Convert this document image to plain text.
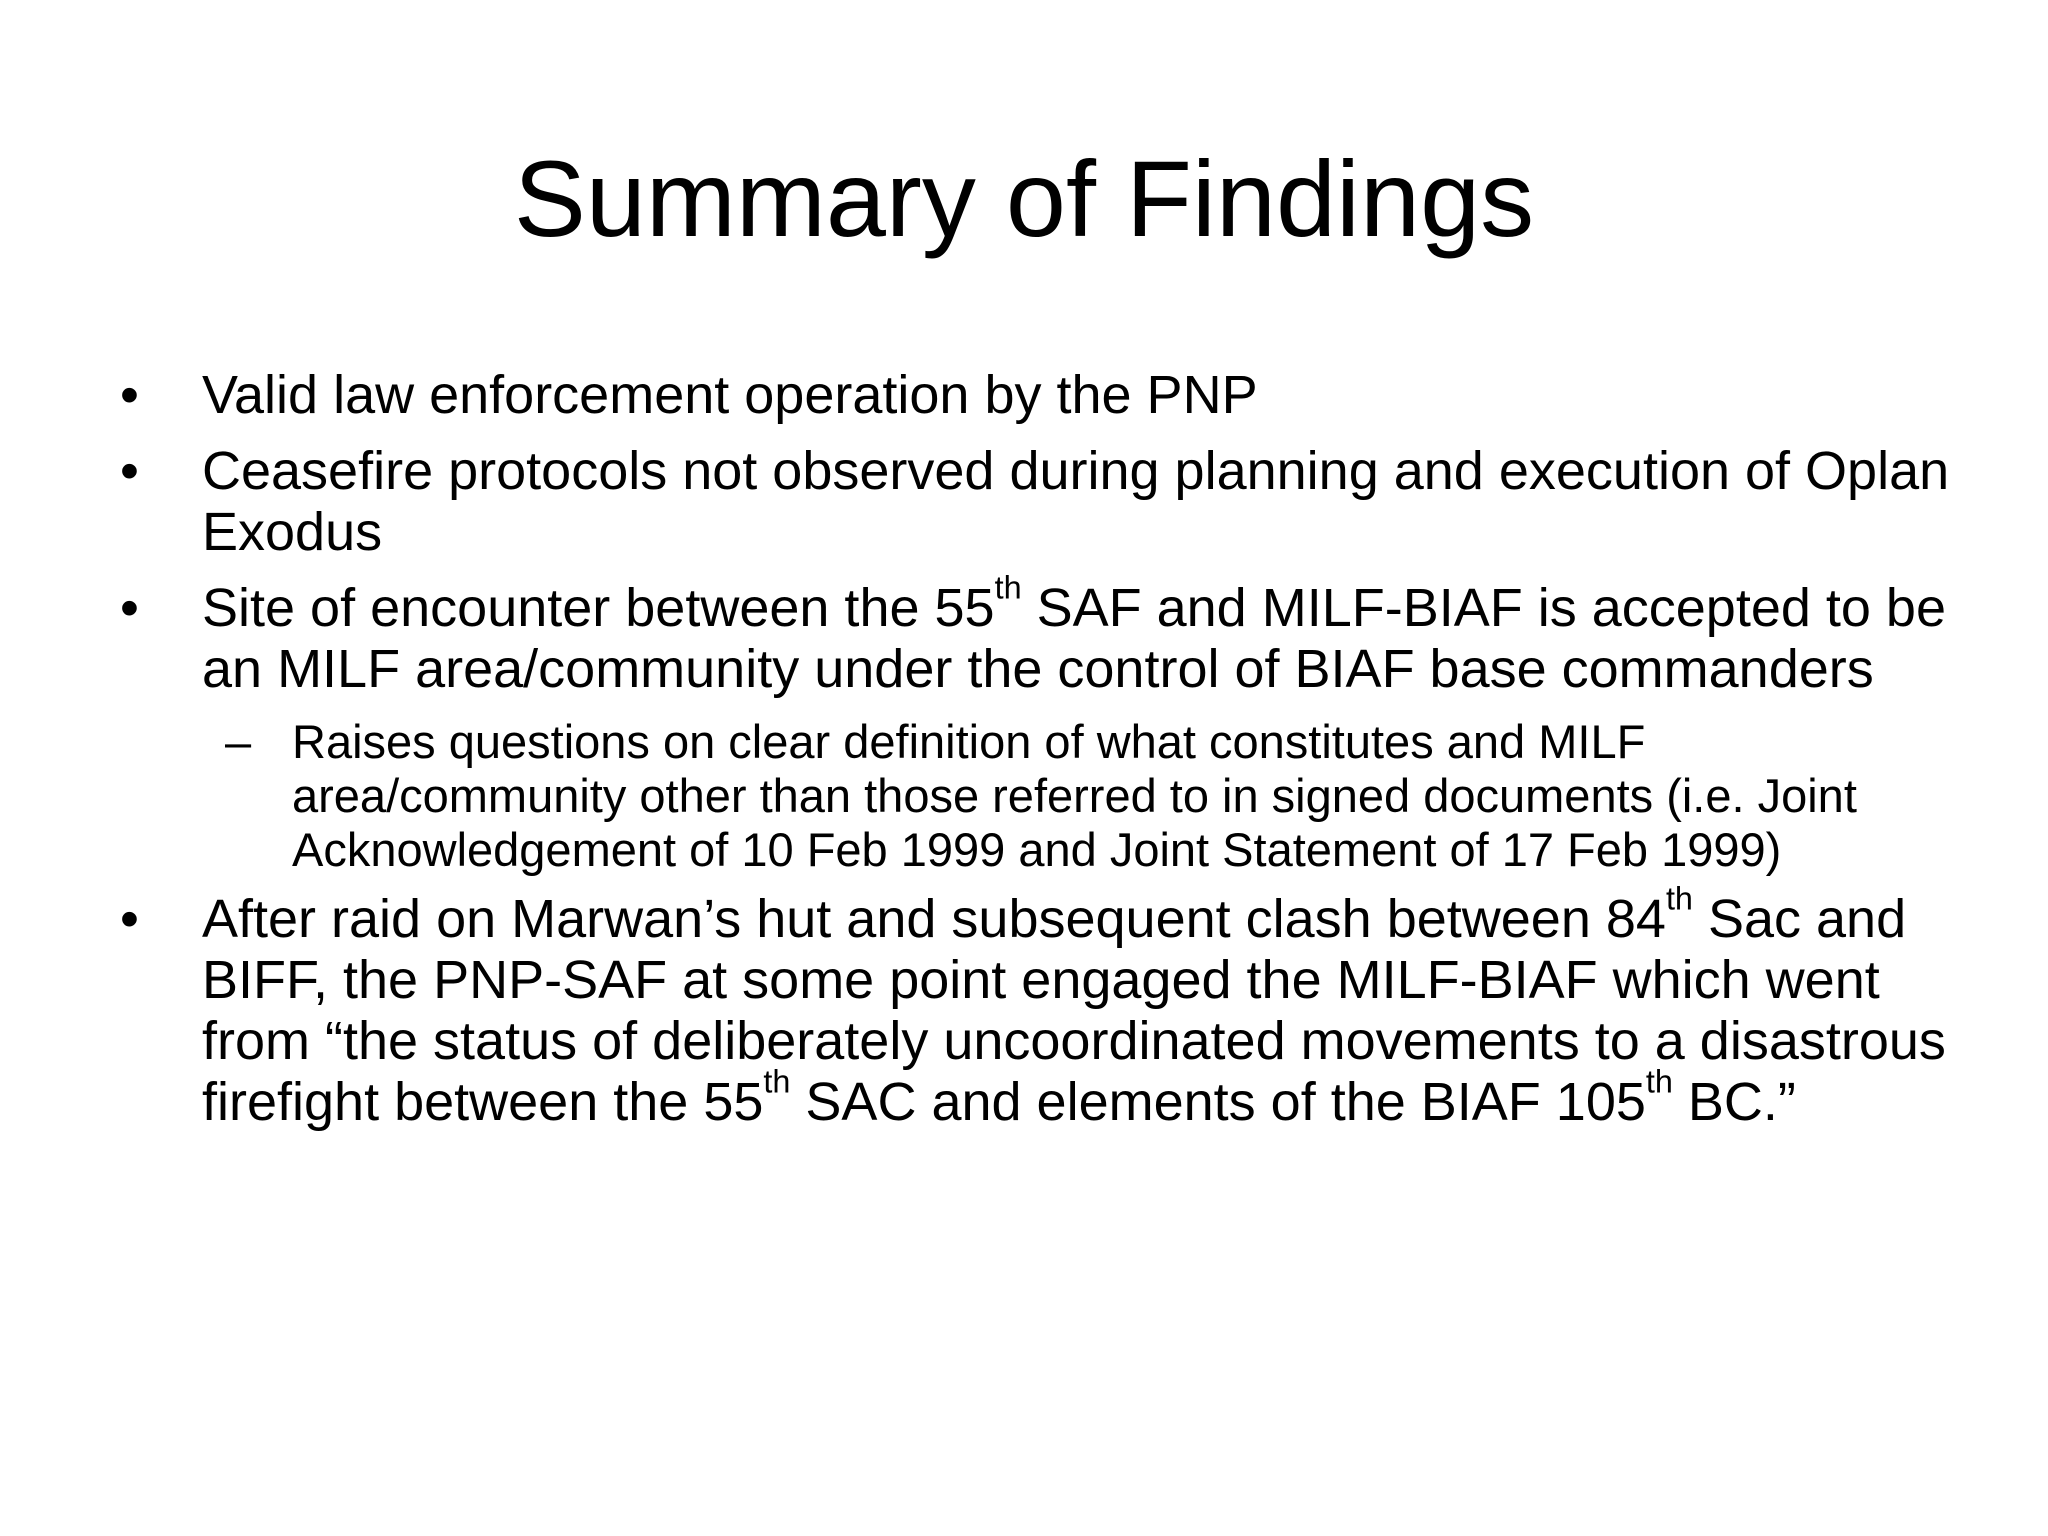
Summary of Findings
•	Valid law enforcement operation by the PNP
•	Ceasefire protocols not observed during planning and execution of Oplan Exodus
•	Site of encounter between the 55th SAF and MILF-BIAF is accepted to be an MILF area/community under the control of BIAF base commanders
– Raises questions on clear definition of what constitutes and MILF area/community other than those referred to in signed documents (i.e. Joint Acknowledgement of 10 Feb 1999 and Joint Statement of 17 Feb 1999)
•	After raid on Marwan’s hut and subsequent clash between 84th Sac and BIFF, the PNP-SAF at some point engaged the MILF-BIAF which went from “the status of deliberately uncoordinated movements to a disastrous firefight between the 55th SAC and elements of the BIAF 105th BC.”
